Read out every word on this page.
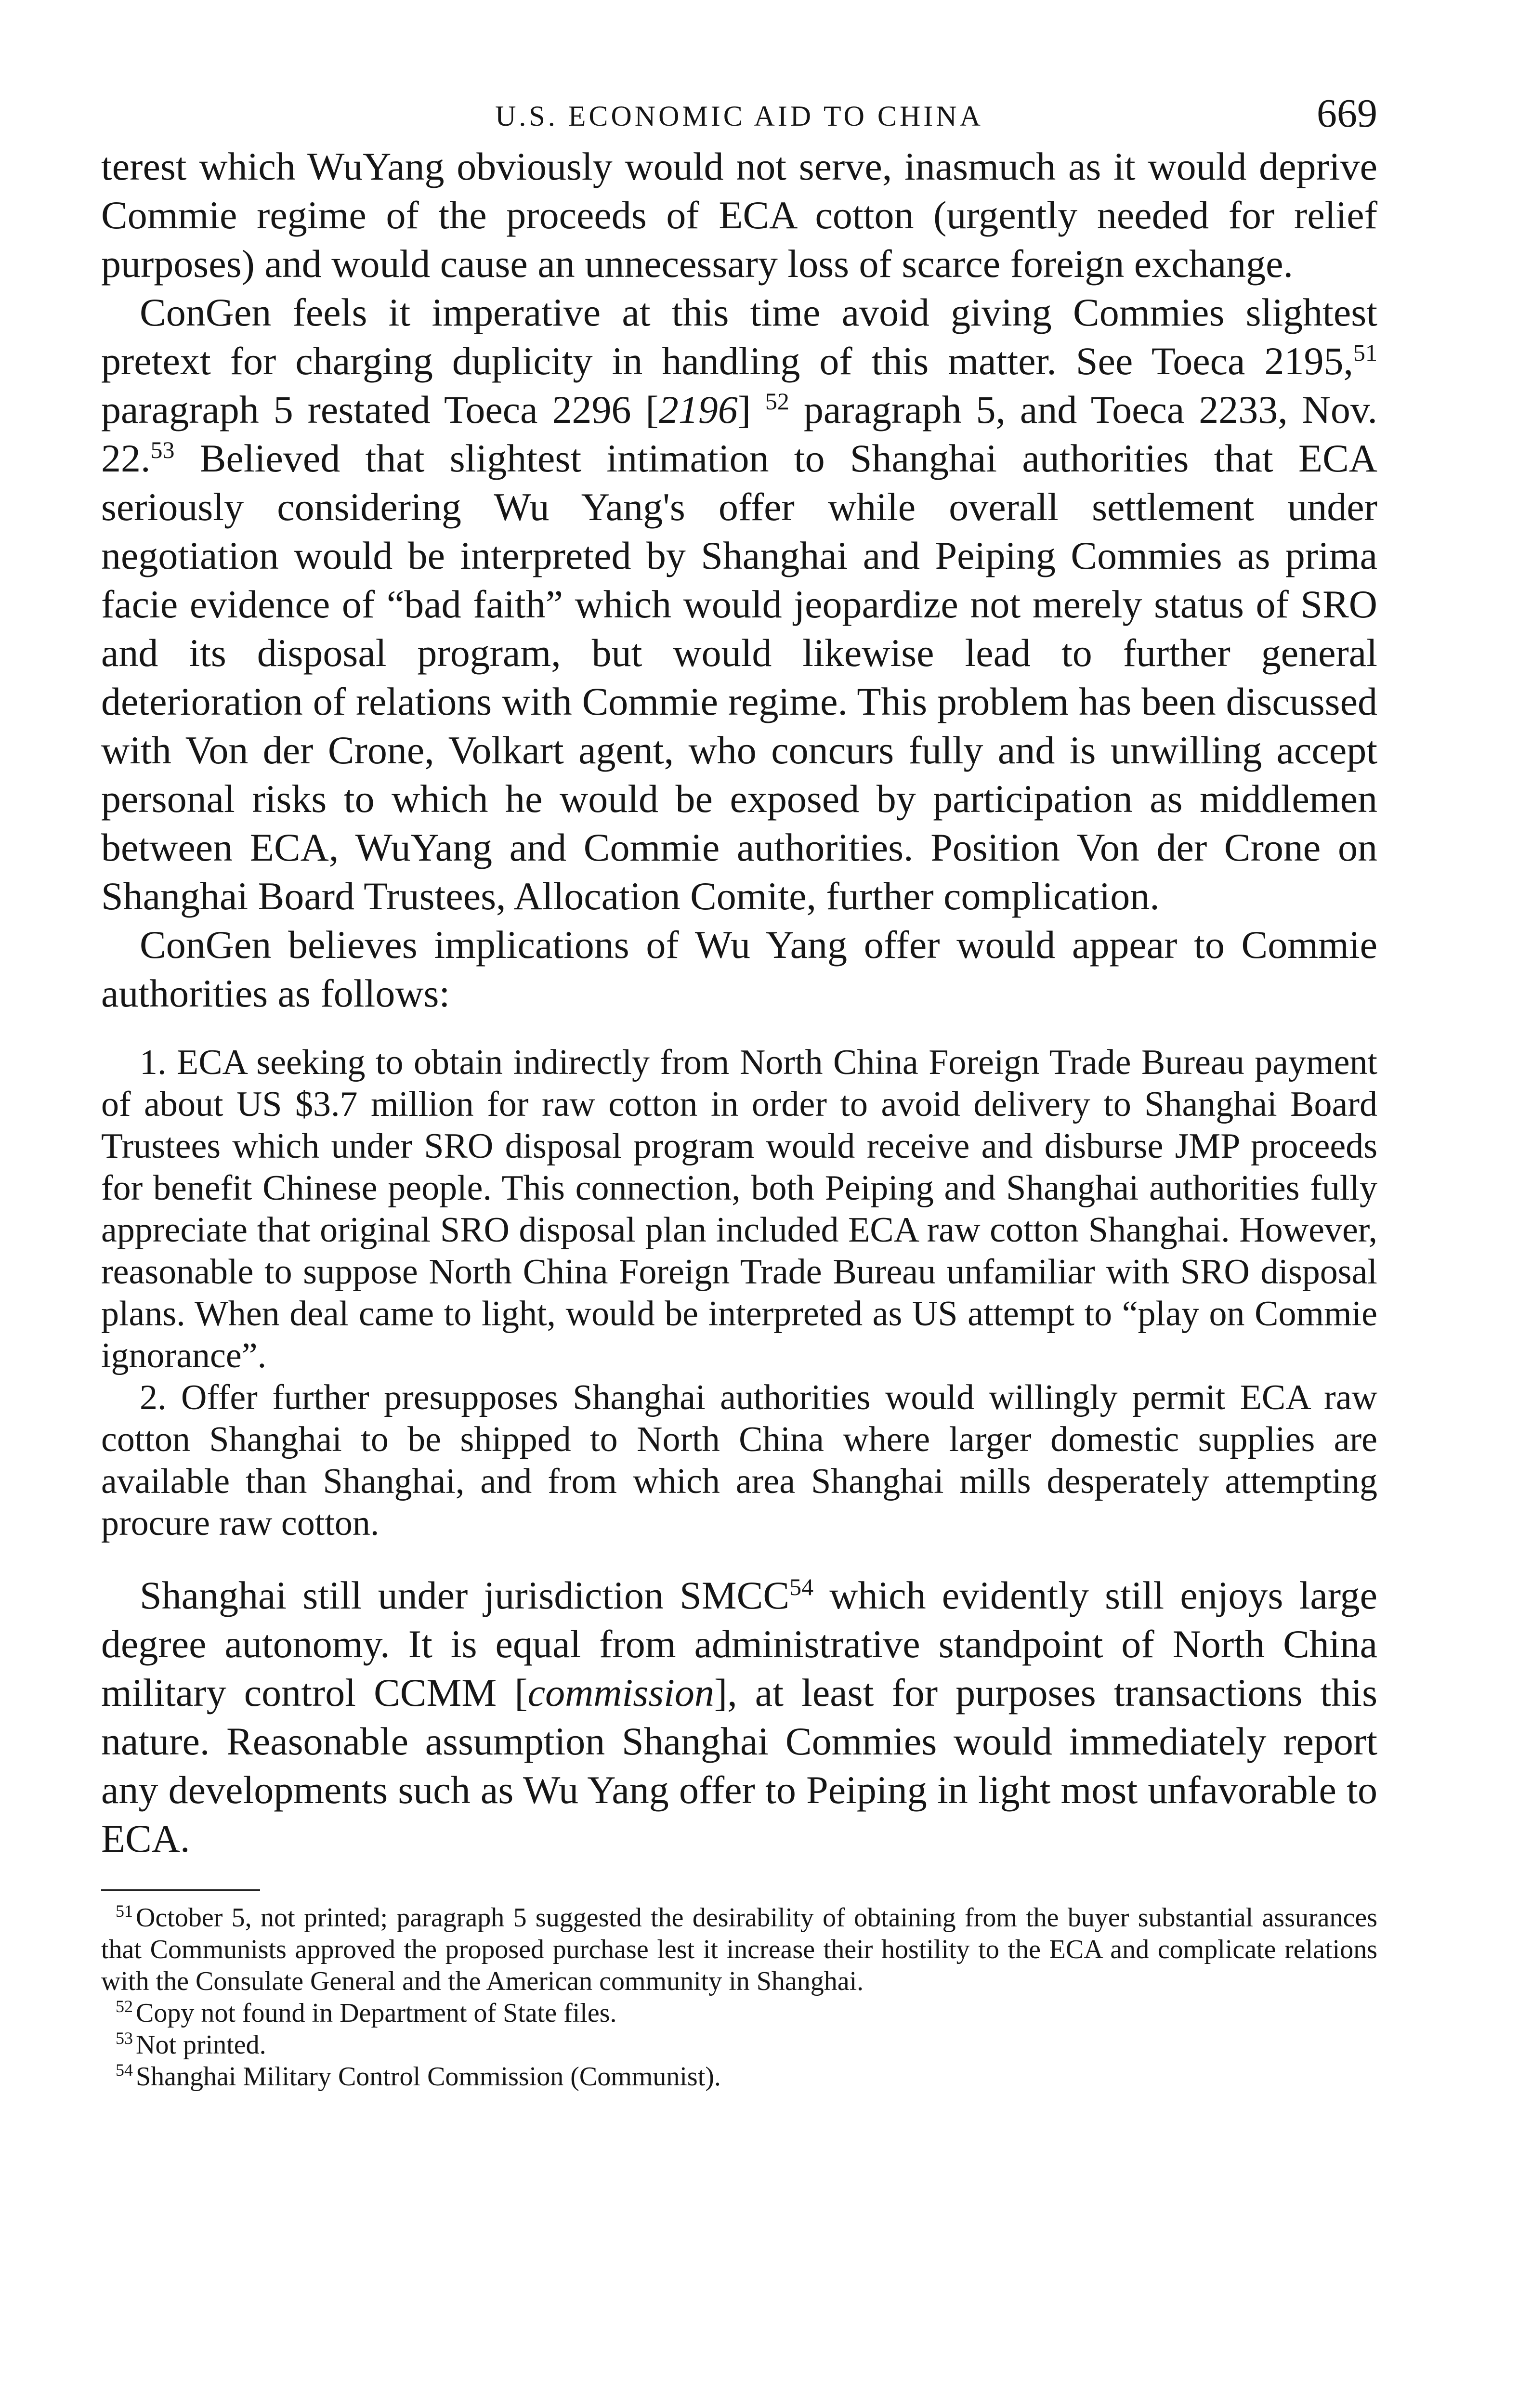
U.S. ECONOMIC AID TO CHINA	669

terest which WuYang obviously would not serve, inasmuch as it would deprive Commie regime of the proceeds of ECA cotton (urgently needed for relief purposes) and would cause an unnecessary loss of scarce foreign exchange.

ConGen feels it imperative at this time avoid giving Commies slightest pretext for charging duplicity in handling of this matter. See Toeca 2195,51 paragraph 5 restated Toeca 2296 [2196] $^{52}$ paragraph 5, and Toeca 2233, Nov. 22.53 Believed that slightest intimation to Shanghai authorities that ECA seriously considering Wu Yang's offer while overall settlement under negotiation would be interpreted by Shanghai and Peiping Commies as prima facie evidence of “bad faith” which would jeopardize not merely status of SRO and its disposal program, but would likewise lead to further general deterioration of relations with Commie regime. This problem has been discussed with Von der Crone, Volkart agent, who concurs fully and is unwilling accept personal risks to which he would be exposed by participation as middlemen between ECA, WuYang and Commie authorities. Position Von der Crone on Shanghai Board Trustees, Allocation Comite, further complication.

ConGen believes implications of Wu Yang offer would appear to Commie authorities as follows:

1. ECA seeking to obtain indirectly from North China Foreign Trade Bureau payment of about US $3.7 million for raw cotton in order to avoid delivery to Shanghai Board Trustees which under SRO disposal program would receive and disburse JMP proceeds for benefit Chinese people. This connection, both Peiping and Shanghai authorities fully appreciate that original SRO disposal plan included ECA raw cotton Shanghai. However, reasonable to suppose North China Foreign Trade Bureau unfamiliar with SRO disposal plans. When deal came to light, would be interpreted as US attempt to “play on Commie ignorance”.

2. Offer further presupposes Shanghai authorities would willingly permit ECA raw cotton Shanghai to be shipped to North China where larger domestic supplies are available than Shanghai, and from which area Shanghai mills desperately attempting procure raw cotton.

Shanghai still under jurisdiction SMCC$^{54}$ which evidently still enjoys large degree autonomy. It is equal from administrative standpoint of North China military control CCMM [commission], at least for purposes transactions this nature. Reasonable assumption Shanghai Commies would immediately report any developments such as Wu Yang offer to Peiping in light most unfavorable to ECA.

$^{51}$ October 5, not printed; paragraph 5 suggested the desirability of obtaining from the buyer substantial assurances that Communists approved the proposed purchase lest it increase their hostility to the ECA and complicate relations with the Consulate General and the American community in Shanghai.

$^{52}$ Copy not found in Department of State files.

$^{53}$ Not printed.

$^{54}$ Shanghai Military Control Commission (Communist).
